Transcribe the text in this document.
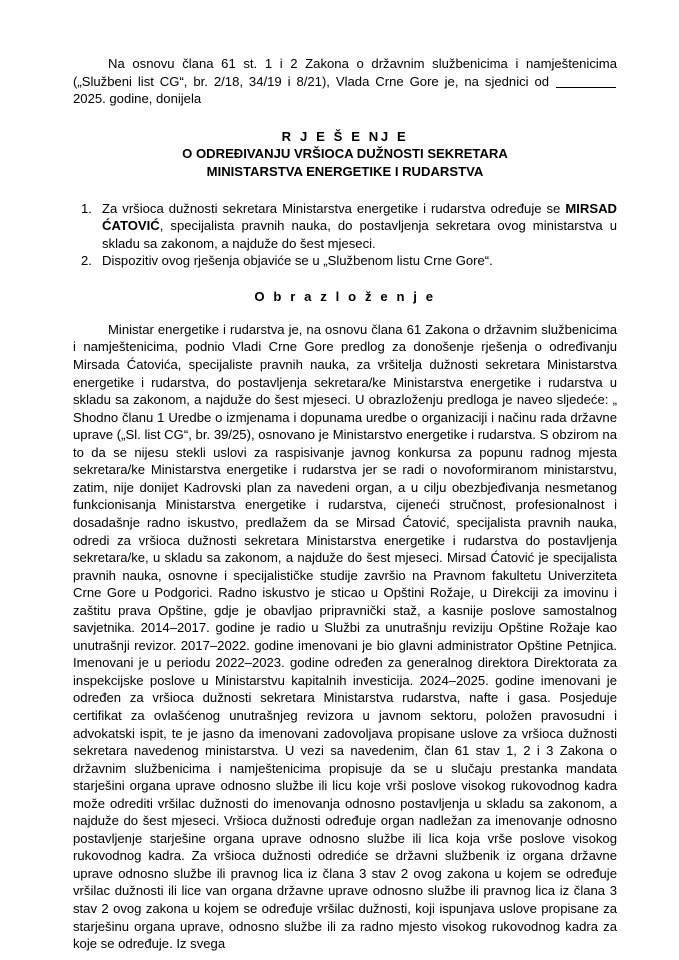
Na osnovu člana 61 st. 1 i 2 Zakona o državnim službenicima i namještenicima („Službeni list CG“, br. 2/18, 34/19 i 8/21), Vlada Crne Gore je, na sjednici od  2025. godine, donijela

R J E Š E NJ E
O ODREĐIVANJU VRŠIOCA DUŽNOSTI SEKRETARA
MINISTARSTVA ENERGETIKE I RUDARSTVA
Za vršioca dužnosti sekretara Ministarstva energetike i rudarstva određuje se MIRSAD ĆATOVIĆ, specijalista pravnih nauka, do postavljenja sekretara ovog ministarstva u skladu sa zakonom, a najduže do šest mjeseci.
Dispozitiv ovog rješenja objaviće se u „Službenom listu Crne Gore“.
O b r a z l o ž e n j e

Ministar energetike i rudarstva je, na osnovu člana 61 Zakona o državnim službenicima i namještenicima, podnio Vladi Crne Gore predlog za donošenje rješenja o određivanju Mirsada Ćatovića, specijaliste pravnih nauka, za vršitelja dužnosti sekretara Ministarstva energetike i rudarstva, do postavljenja sekretara/ke Ministarstva energetike i rudarstva u skladu sa zakonom, a najduže do šest mjeseci. U obrazloženju predloga je naveo sljedeće: „ Shodno članu 1 Uredbe o izmjenama i dopunama uredbe o organizaciji i načinu rada državne uprave („Sl. list CG“, br. 39/25), osnovano je Ministarstvo energetike i rudarstva. S obzirom na to da se nijesu stekli uslovi za raspisivanje javnog konkursa za popunu radnog mjesta sekretara/ke Ministarstva energetike i rudarstva jer se radi o novoformiranom ministarstvu, zatim, nije donijet Kadrovski plan za navedeni organ, a u cilju obezbjeđivanja nesmetanog funkcionisanja Ministarstva energetike i rudarstva, cijeneći stručnost, profesionalnost i dosadašnje radno iskustvo, predlažem da se Mirsad Ćatović, specijalista pravnih nauka, odredi za vršioca dužnosti sekretara Ministarstva energetike i rudarstva do postavljenja sekretara/ke, u skladu sa zakonom, a najduže do šest mjeseci. Mirsad Ćatović je specijalista pravnih nauka, osnovne i specijalističke studije završio na Pravnom fakultetu Univerziteta Crne Gore u Podgorici. Radno iskustvo je sticao u Opštini Rožaje, u Direkciji za imovinu i zaštitu prava Opštine, gdje je obavljao pripravnički staž, a kasnije poslove samostalnog savjetnika. 2014–2017. godine je radio u Službi za unutrašnju reviziju Opštine Rožaje kao unutrašnji revizor. 2017–2022. godine imenovani je bio glavni administrator Opštine Petnjica. Imenovani je u periodu 2022–2023. godine određen za generalnog direktora Direktorata za inspekcijske poslove u Ministarstvu kapitalnih investicija. 2024–2025. godine imenovani je određen za vršioca dužnosti sekretara Ministarstva rudarstva, nafte i gasa. Posjeduje certifikat za ovlašćenog unutrašnjeg revizora u javnom sektoru, položen pravosudni i advokatski ispit, te je jasno da imenovani zadovoljava propisane uslove za vršioca dužnosti sekretara navedenog ministarstva. U vezi sa navedenim, član 61 stav 1, 2 i 3 Zakona o državnim službenicima i namještenicima propisuje da se u slučaju prestanka mandata starješini organa uprave odnosno službe ili licu koje vrši poslove visokog rukovodnog kadra može odrediti vršilac dužnosti do imenovanja odnosno postavljenja u skladu sa zakonom, a najduže do šest mjeseci. Vršioca dužnosti određuje organ nadležan za imenovanje odnosno postavljenje starješine organa uprave odnosno službe ili lica koja vrše poslove visokog rukovodnog kadra. Za vršioca dužnosti odrediće se državni službenik iz organa državne uprave odnosno službe ili pravnog lica iz člana 3 stav 2 ovog zakona u kojem se određuje vršilac dužnosti ili lice van organa državne uprave odnosno službe ili pravnog lica iz člana 3 stav 2 ovog zakona u kojem se određuje vršilac dužnosti, koji ispunjava uslove propisane za starješinu organa uprave, odnosno službe ili za radno mjesto visokog rukovodnog kadra za koje se određuje. Iz svega
